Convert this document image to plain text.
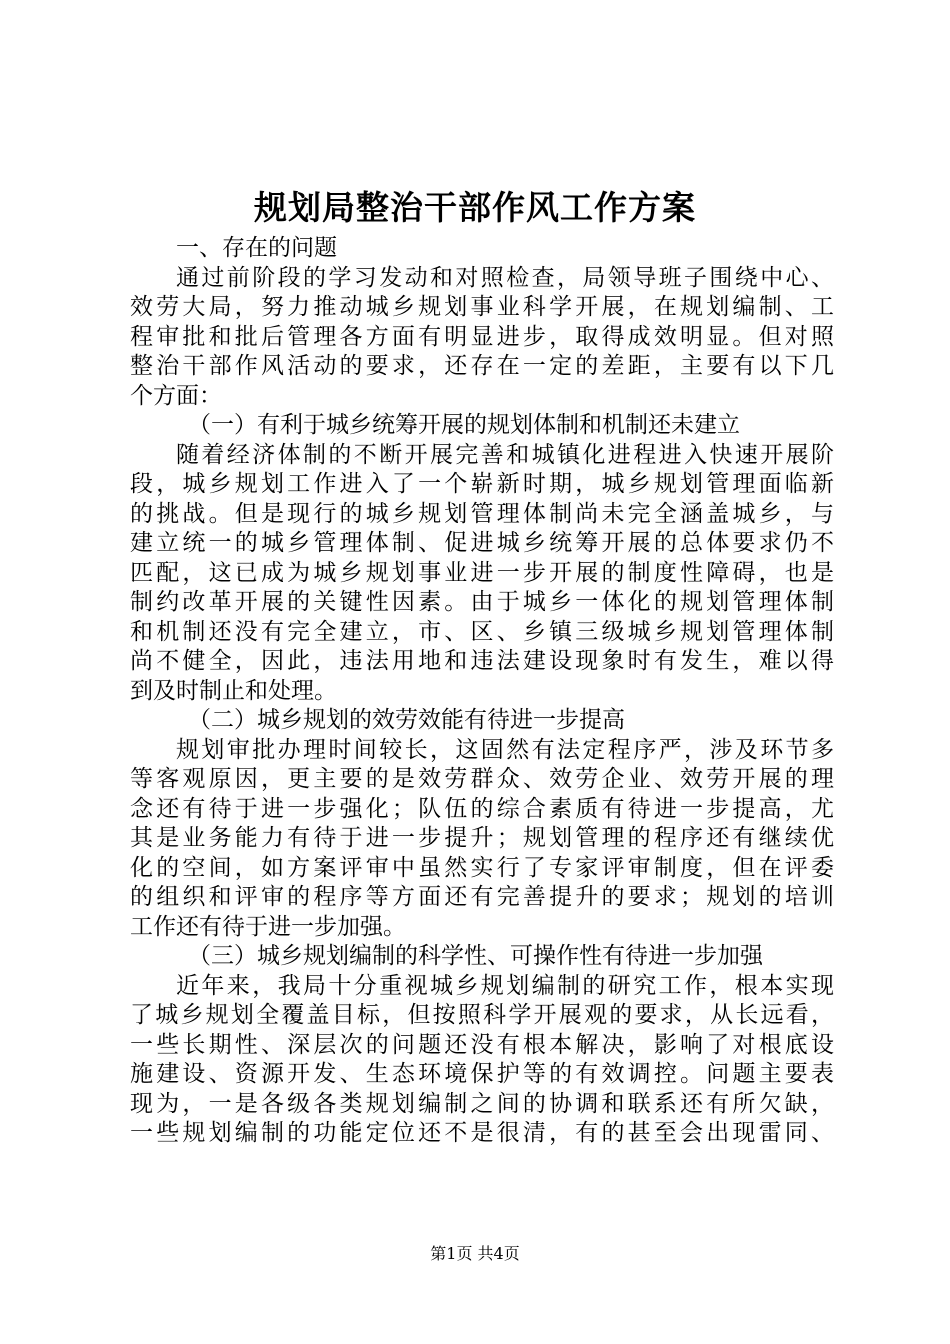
规划局整治干部作风工作方案
一、存在的问题
通过前阶段的学习发动和对照检查，局领导班子围绕中心、
效劳大局，努力推动城乡规划事业科学开展，在规划编制、工
程审批和批后管理各方面有明显进步，取得成效明显。但对照
整治干部作风活动的要求，还存在一定的差距，主要有以下几
个方面：
（一）有利于城乡统筹开展的规划体制和机制还未建立
随着经济体制的不断开展完善和城镇化进程进入快速开展阶
段，城乡规划工作进入了一个崭新时期，城乡规划管理面临新
的挑战。但是现行的城乡规划管理体制尚未完全涵盖城乡，与
建立统一的城乡管理体制、促进城乡统筹开展的总体要求仍不
匹配，这已成为城乡规划事业进一步开展的制度性障碍，也是
制约改革开展的关键性因素。由于城乡一体化的规划管理体制
和机制还没有完全建立，市、区、乡镇三级城乡规划管理体制
尚不健全，因此，违法用地和违法建设现象时有发生，难以得
到及时制止和处理。
（二）城乡规划的效劳效能有待进一步提高
规划审批办理时间较长，这固然有法定程序严，涉及环节多
等客观原因，更主要的是效劳群众、效劳企业、效劳开展的理
念还有待于进一步强化；队伍的综合素质有待进一步提高，尤
其是业务能力有待于进一步提升；规划管理的程序还有继续优
化的空间，如方案评审中虽然实行了专家评审制度，但在评委
的组织和评审的程序等方面还有完善提升的要求；规划的培训
工作还有待于进一步加强。
（三）城乡规划编制的科学性、可操作性有待进一步加强
近年来，我局十分重视城乡规划编制的研究工作，根本实现
了城乡规划全覆盖目标，但按照科学开展观的要求，从长远看，
一些长期性、深层次的问题还没有根本解决，影响了对根底设
施建设、资源开发、生态环境保护等的有效调控。问题主要表
现为，一是各级各类规划编制之间的协调和联系还有所欠缺，
一些规划编制的功能定位还不是很清，有的甚至会出现雷同、
第1页 共4页
